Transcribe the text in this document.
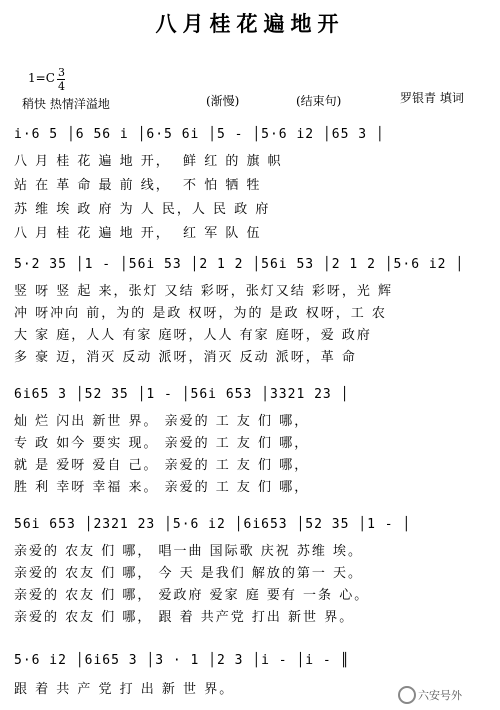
八月桂花遍地开
1=C 3
4
稍快 热情洋溢地	(渐慢)	(结束句)	罗银青 填词
i·6 5 │6 56 i │6·5 6i │5 - │5·6 i2 │65 3 │
八 月 桂 花 遍 地 开，  鲜 红 的 旗 帜
站 在 革 命 最 前 线，  不 怕 牺 牲
苏 维 埃 政 府 为 人 民，人 民 政 府
八 月 桂 花 遍 地 开，  红 军 队 伍
5·2 35 │1 - │56i 53 │2 1 2 │56i 53 │2 1 2 │5·6 i2 │
竖 呀 竖 起 来，张灯 又结 彩呀，张灯又结 彩呀，光 辉
冲 呀冲向 前，为的 是政 权呀，为的 是政 权呀，工 农
大 家 庭，人人 有家 庭呀，人人 有家 庭呀，爱 政府
多 豪 迈，消灭 反动 派呀，消灭 反动 派呀，革 命
6i65 3 │52 35 │1 - │56i 653 │3321 23 │
灿 烂 闪出 新世 界。 亲爱的 工 友 们 哪，
专 政 如今 要实 现。 亲爱的 工 友 们 哪，
就 是 爱呀 爱自 己。 亲爱的 工 友 们 哪，
胜 利 幸呀 幸福 来。 亲爱的 工 友 们 哪，
56i 653 │2321 23 │5·6 i2 │6i653 │52 35 │1 - │
亲爱的 农友 们 哪， 唱一曲 国际歌 庆祝 苏维 埃。
亲爱的 农友 们 哪， 今 天 是我们 解放的第一 天。
亲爱的 农友 们 哪， 爱政府 爱家 庭 要有 一条 心。
亲爱的 农友 们 哪， 跟 着 共产党 打出 新世 界。
5·6 i2 │6i65 3 │3 · 1 │2 3 │i - │i - ║
跟 着 共 产 党 打 出 新 世 界。	六安号外
